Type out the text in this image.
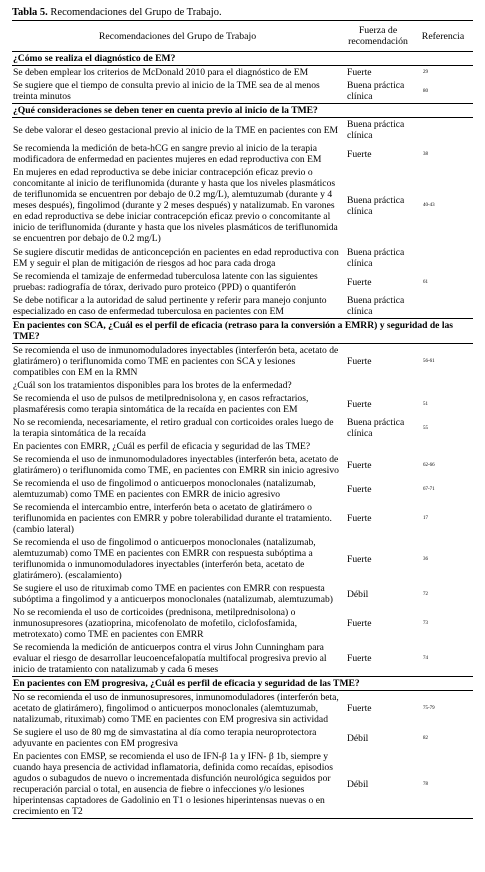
Tabla 5. Recomendaciones del Grupo de Trabajo.
Recomendaciones del Grupo de Trabajo	Fuerza de recomendación	Referencia
¿Cómo se realiza el diagnóstico de EM?		
Se deben emplear los criterios de McDonald 2010 para el diagnóstico de EM	Fuerte	29
Se sugiere que el tiempo de consulta previo al inicio de la TME sea de al menos treinta minutos	Buena práctica clínica	80
¿Qué consideraciones se deben tener en cuenta previo al inicio de la TME?		
Se debe valorar el deseo gestacional previo al inicio de la TME en pacientes con EM	Buena práctica clínica	
Se recomienda la medición de beta-hCG en sangre previo al inicio de la terapia modificadora de enfermedad en pacientes mujeres en edad reproductiva con EM	Fuerte	38
En mujeres en edad reproductiva se debe iniciar contracepción eficaz previo o concomitante al inicio de teriflunomida (durante y hasta que los niveles plasmáticos de teriflunomida se encuentren por debajo de 0.2 mg/L), alemtuzumab (durante y 4 meses después), fingolimod (durante y 2 meses después) y natalizumab. En varones en edad reproductiva se debe iniciar contracepción eficaz previo o concomitante al inicio de teriflunomida (durante y hasta que los niveles plasmáticos de teriflunomida se encuentren por debajo de 0.2 mg/L)	Buena práctica clínica	40-43
Se sugiere discutir medidas de anticoncepción en pacientes en edad reproductiva con EM y seguir el plan de mitigación de riesgos ad hoc para cada droga	Buena práctica clínica	
Se recomienda el tamizaje de enfermedad tuberculosa latente con las siguientes pruebas: radiografía de tórax, derivado puro proteico (PPD) o quantiferón	Fuerte	61
Se debe notificar a la autoridad de salud pertinente y referir para manejo conjunto especializado en caso de enfermedad tuberculosa en pacientes con EM	Buena práctica clínica	
En pacientes con SCA, ¿Cuál es el perfil de eficacia (retraso para la conversión a EMRR) y seguridad de las TME?		
Se recomienda el uso de inmunomoduladores inyectables (interferón beta, acetato de glatirámero) o teriflunomida como TME en pacientes con SCA y lesiones compatibles con EM en la RMN	Fuerte	56-61
¿Cuál son los tratamientos disponibles para los brotes de la enfermedad?		
Se recomienda el uso de pulsos de metilprednisolona y, en casos refractarios, plasmaféresis como terapia sintomática de la recaída en pacientes con EM	Fuerte	51
No se recomienda, necesariamente, el retiro gradual con corticoides orales luego de la terapia sintomática de la recaída	Buena práctica clínica	55
En pacientes con EMRR, ¿Cuál es perfil de eficacia y seguridad de las TME?		
Se recomienda el uso de inmunomoduladores inyectables (interferón beta, acetato de glatirámero) o teriflunomida como TME, en pacientes con EMRR sin inicio agresivo	Fuerte	62-66
Se recomienda el uso de fingolimod o anticuerpos monoclonales (natalizumab, alemtuzumab) como TME en pacientes con EMRR de inicio agresivo	Fuerte	67-71
Se recomienda el intercambio entre, interferón beta o acetato de glatirámero o teriflunomida en pacientes con EMRR y pobre tolerabilidad durante el tratamiento. (cambio lateral)	Fuerte	17
Se recomienda el uso de fingolimod o anticuerpos monoclonales (natalizumab, alemtuzumab) como TME en pacientes con EMRR con respuesta subóptima a teriflunomida o inmunomoduladores inyectables (interferón beta, acetato de glatirámero). (escalamiento)	Fuerte	36
Se sugiere el uso de rituximab como TME en pacientes con EMRR con respuesta subóptima a fingolimod y a anticuerpos monoclonales (natalizumab, alemtuzumab)	Débil	72
No se recomienda el uso de corticoides (prednisona, metilprednisolona) o inmunosupresores (azatioprina, micofenolato de mofetilo, ciclofosfamida, metrotexato) como TME en pacientes con EMRR	Fuerte	73
Se recomienda la medición de anticuerpos contra el virus John Cunningham para evaluar el riesgo de desarrollar leucoencefalopatía multifocal progresiva previo al inicio de tratamiento con natalizumab y cada 6 meses	Fuerte	74
En pacientes con EM progresiva, ¿Cuál es perfil de eficacia y seguridad de las TME?		
No se recomienda el uso de inmunosupresores, inmunomoduladores (interferón beta, acetato de glatirámero), fingolimod o anticuerpos monoclonales (alemtuzumab, natalizumab, rituximab) como TME en pacientes con EM progresiva sin actividad	Fuerte	75-79
Se sugiere el uso de 80 mg de simvastatina al día como terapia neuroprotectora adyuvante en pacientes con EM progresiva	Débil	82
En pacientes con EMSP, se recomienda el uso de IFN-β 1a y IFN- β 1b, siempre y cuando haya presencia de actividad inflamatoria, definida como recaídas, episodios agudos o subagudos de nuevo o incrementada disfunción neurológica seguidos por recuperación parcial o total, en ausencia de fiebre o infecciones y/o lesiones hiperintensas captadores de Gadolinio en T1 o lesiones hiperintensas nuevas o en crecimiento en T2	Débil	78
